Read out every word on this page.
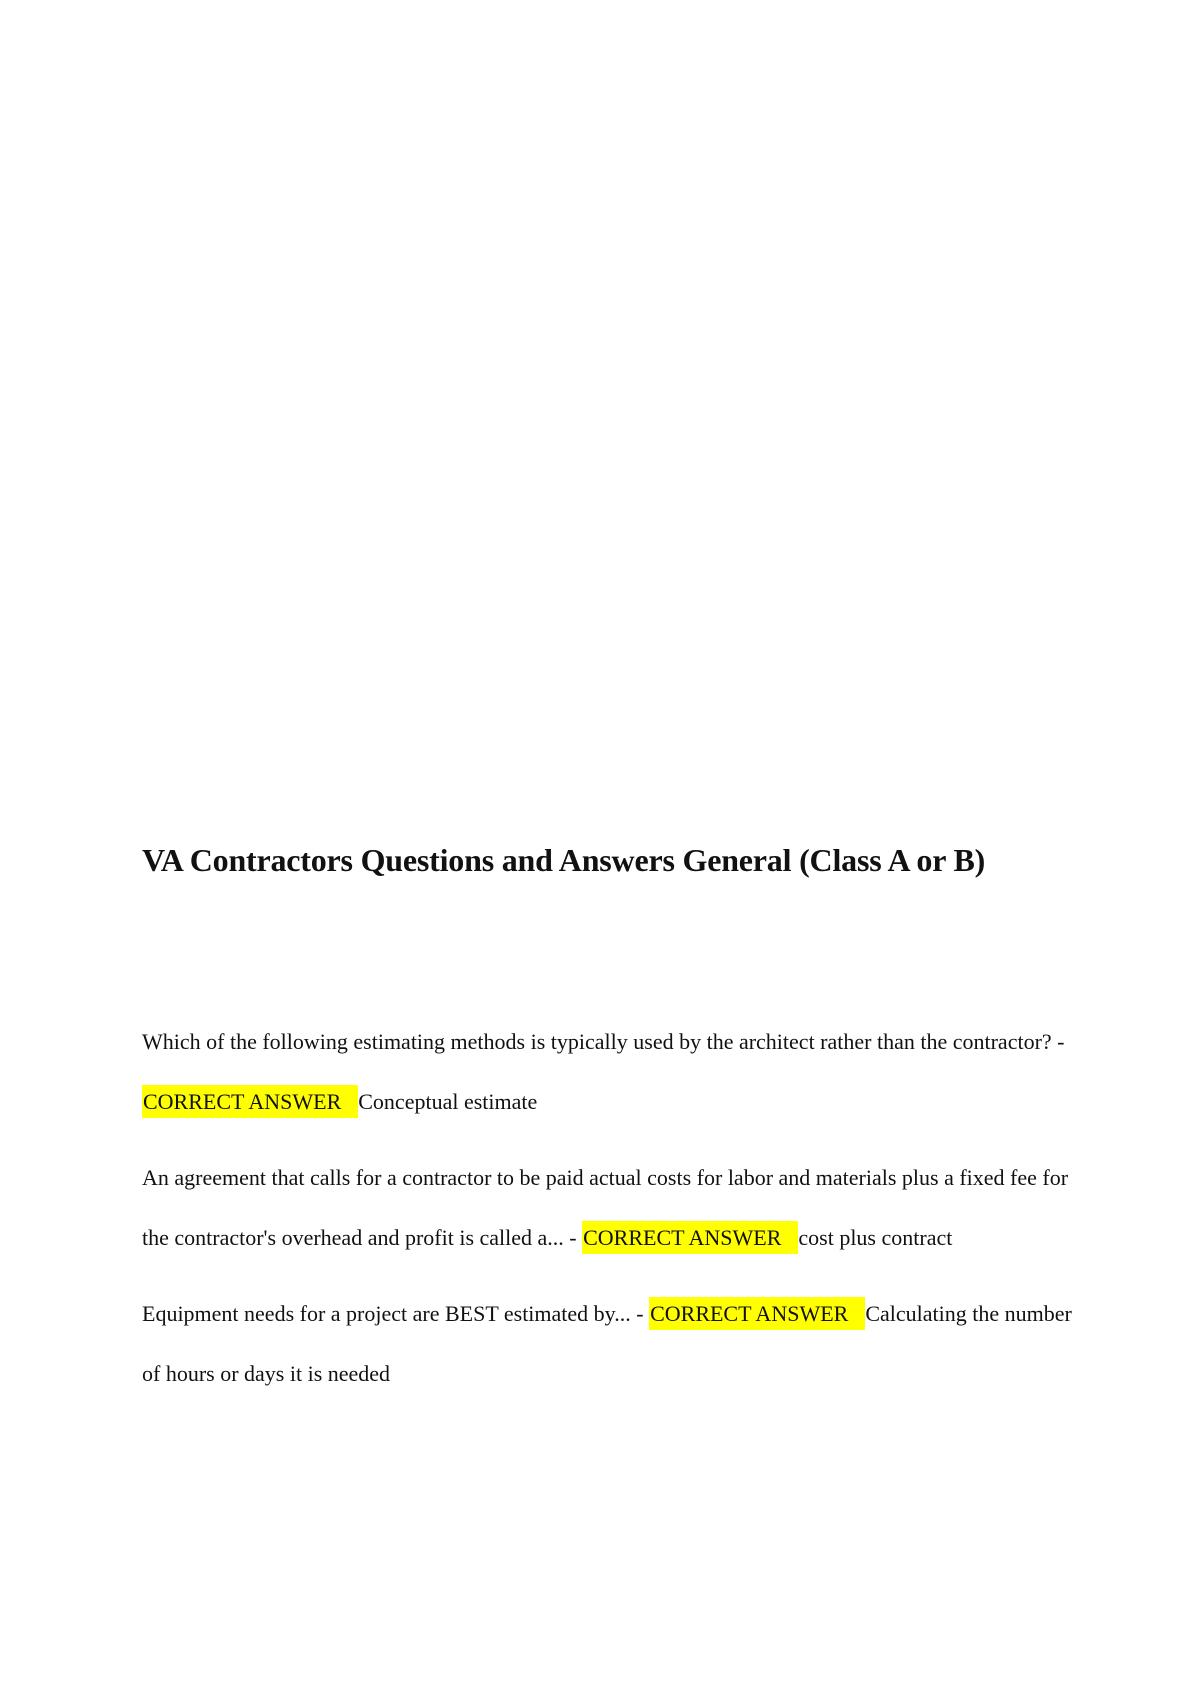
VA Contractors Questions and Answers General (Class A or B)

Which of the following estimating methods is typically used by the architect rather than the contractor? - CORRECT ANSWER Conceptual estimate

An agreement that calls for a contractor to be paid actual costs for labor and materials plus a fixed fee for the contractor's overhead and profit is called a... - CORRECT ANSWER cost plus contract

Equipment needs for a project are BEST estimated by... - CORRECT ANSWER Calculating the number of hours or days it is needed
